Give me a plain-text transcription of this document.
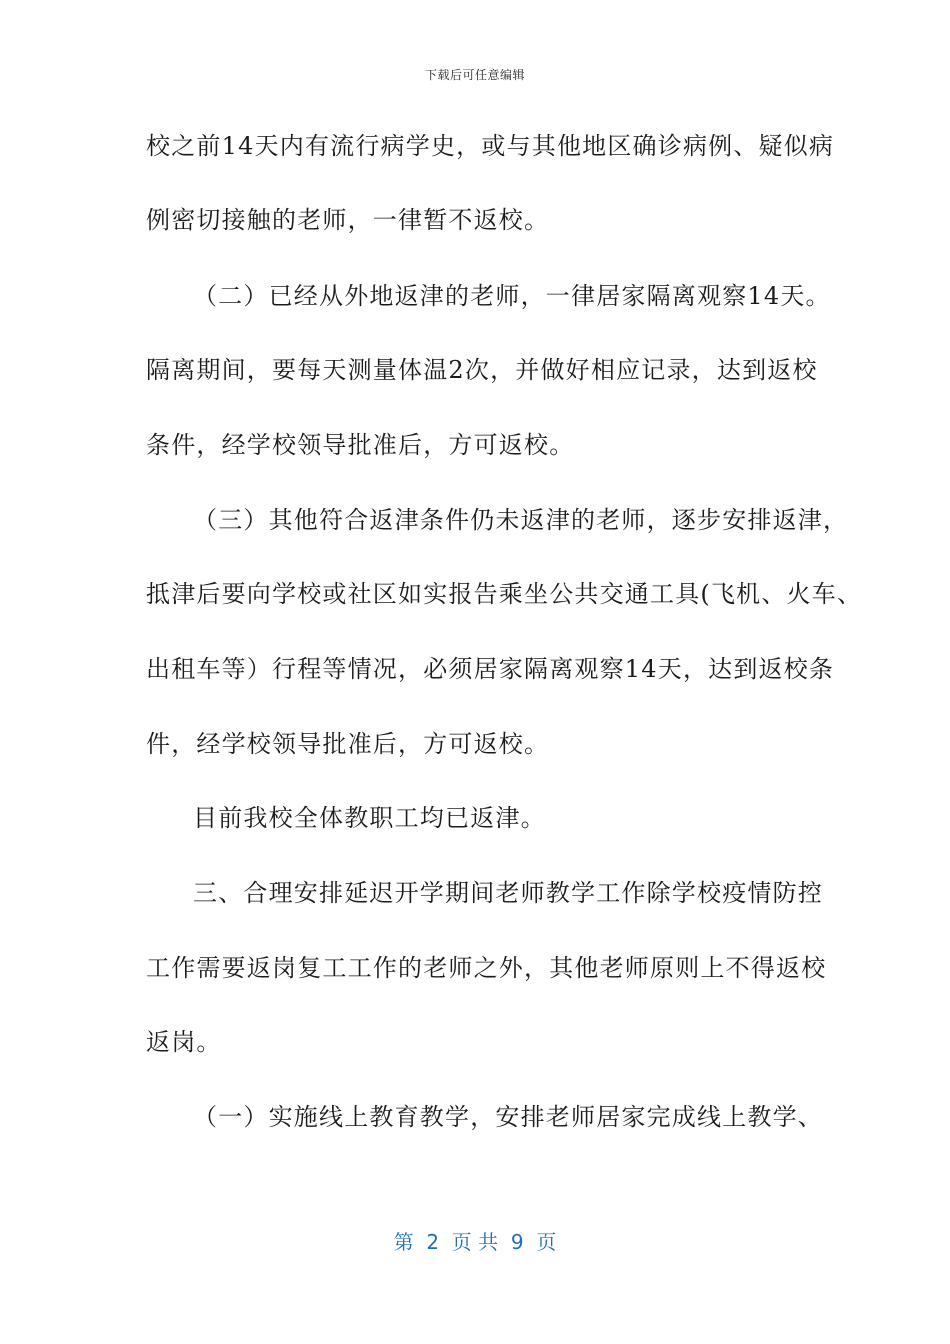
下载后可任意编辑
校之前14天内有流行病学史，或与其他地区确诊病例、疑似病
例密切接触的老师，一律暂不返校。
（二）已经从外地返津的老师，一律居家隔离观察14天。
隔离期间，要每天测量体温2次，并做好相应记录，达到返校
条件，经学校领导批准后，方可返校。
（三）其他符合返津条件仍未返津的老师，逐步安排返津，
抵津后要向学校或社区如实报告乘坐公共交通工具(飞机、火车、
出租车等）行程等情况，必须居家隔离观察14天，达到返校条
件，经学校领导批准后，方可返校。
目前我校全体教职工均已返津。
三、合理安排延迟开学期间老师教学工作除学校疫情防控
工作需要返岗复工工作的老师之外，其他老师原则上不得返校
返岗。
（一）实施线上教育教学，安排老师居家完成线上教学、
第  2  页 共  9  页
